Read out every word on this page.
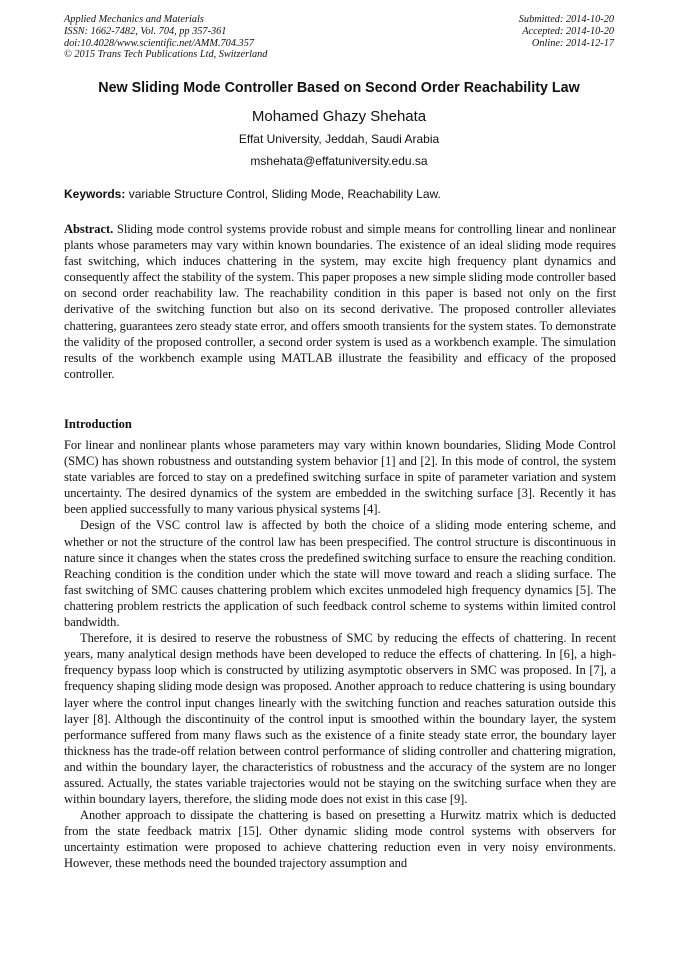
Applied Mechanics and Materials
ISSN: 1662-7482, Vol. 704, pp 357-361
doi:10.4028/www.scientific.net/AMM.704.357
© 2015 Trans Tech Publications Ltd, Switzerland
Submitted: 2014-10-20
Accepted: 2014-10-20
Online: 2014-12-17
New Sliding Mode Controller Based on Second Order Reachability Law
Mohamed Ghazy Shehata
Effat University, Jeddah, Saudi Arabia
mshehata@effatuniversity.edu.sa
Keywords: variable Structure Control, Sliding Mode, Reachability Law.
Abstract. Sliding mode control systems provide robust and simple means for controlling linear and nonlinear plants whose parameters may vary within known boundaries. The existence of an ideal sliding mode requires fast switching, which induces chattering in the system, may excite high frequency plant dynamics and consequently affect the stability of the system. This paper proposes a new simple sliding mode controller based on second order reachability law. The reachability condition in this paper is based not only on the first derivative of the switching function but also on its second derivative. The proposed controller alleviates chattering, guarantees zero steady state error, and offers smooth transients for the system states. To demonstrate the validity of the proposed controller, a second order system is used as a workbench example. The simulation results of the workbench example using MATLAB illustrate the feasibility and efficacy of the proposed controller.
Introduction

For linear and nonlinear plants whose parameters may vary within known boundaries, Sliding Mode Control (SMC) has shown robustness and outstanding system behavior [1] and [2]. In this mode of control, the system state variables are forced to stay on a predefined switching surface in spite of parameter variation and system uncertainty. The desired dynamics of the system are embedded in the switching surface [3]. Recently it has been applied successfully to many various physical systems [4].

Design of the VSC control law is affected by both the choice of a sliding mode entering scheme, and whether or not the structure of the control law has been prespecified. The control structure is discontinuous in nature since it changes when the states cross the predefined switching surface to ensure the reaching condition. Reaching condition is the condition under which the state will move toward and reach a sliding surface. The fast switching of SMC causes chattering problem which excites unmodeled high frequency dynamics [5]. The chattering problem restricts the application of such feedback control scheme to systems within limited control bandwidth.

Therefore, it is desired to reserve the robustness of SMC by reducing the effects of chattering. In recent years, many analytical design methods have been developed to reduce the effects of chattering. In [6], a high-frequency bypass loop which is constructed by utilizing asymptotic observers in SMC was proposed. In [7], a frequency shaping sliding mode design was proposed. Another approach to reduce chattering is using boundary layer where the control input changes linearly with the switching function and reaches saturation outside this layer [8]. Although the discontinuity of the control input is smoothed within the boundary layer, the system performance suffered from many flaws such as the existence of a finite steady state error, the boundary layer thickness has the trade-off relation between control performance of sliding controller and chattering migration, and within the boundary layer, the characteristics of robustness and the accuracy of the system are no longer assured. Actually, the states variable trajectories would not be staying on the switching surface when they are within boundary layers, therefore, the sliding mode does not exist in this case [9].

Another approach to dissipate the chattering is based on presetting a Hurwitz matrix which is deducted from the state feedback matrix [15]. Other dynamic sliding mode control systems with observers for uncertainty estimation were proposed to achieve chattering reduction even in very noisy environments. However, these methods need the bounded trajectory assumption and
